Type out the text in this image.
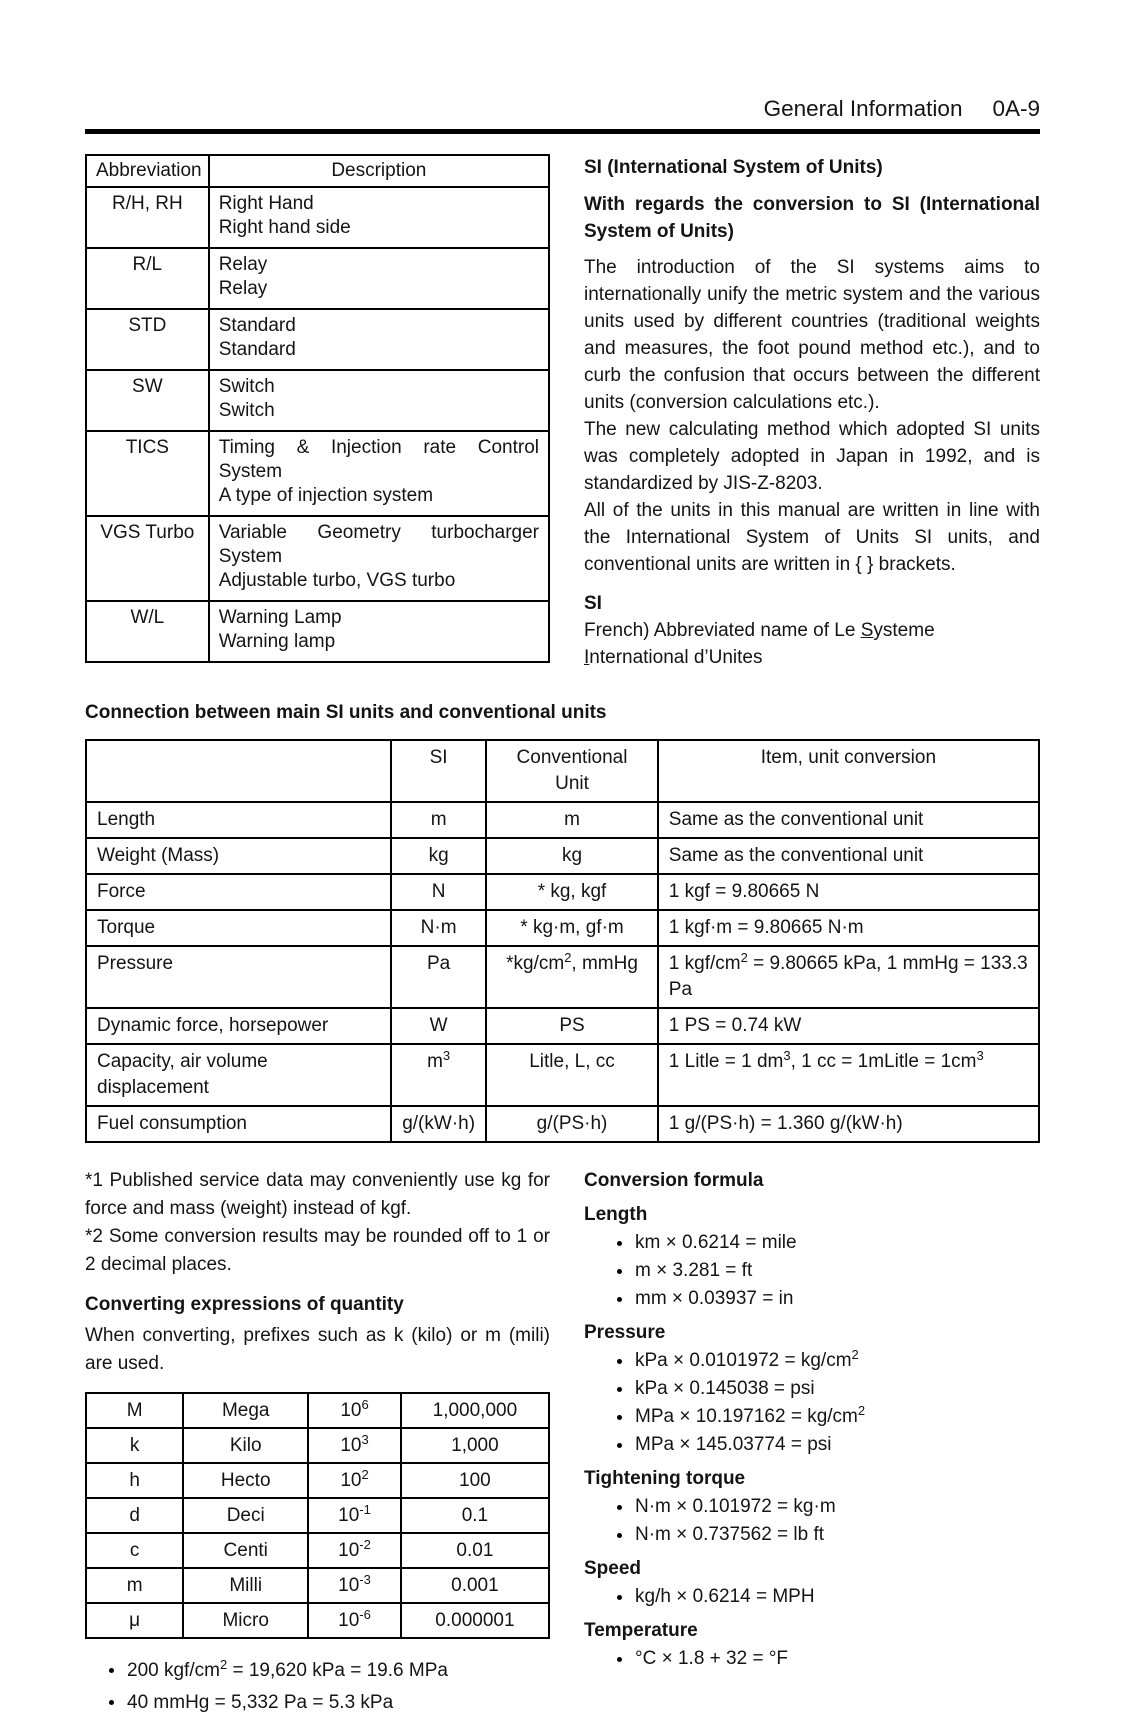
General Information 0A-9
Abbreviation	Description
R/H, RH	Right Hand
Right hand side
R/L	Relay
Relay
STD	Standard
Standard
SW	Switch
Switch
TICS	Timing & Injection rate Control System
A type of injection system
VGS Turbo	Variable Geometry turbocharger System
Adjustable turbo, VGS turbo
W/L	Warning Lamp
Warning lamp
SI (International System of Units)
With regards the conversion to SI (International System of Units)
The introduction of the SI systems aims to internationally unify the metric system and the various units used by different countries (traditional weights and measures, the foot pound method etc.), and to curb the confusion that occurs between the different units (conversion calculations etc.).
The new calculating method which adopted SI units was completely adopted in Japan in 1992, and is standardized by JIS-Z-8203.
All of the units in this manual are written in line with the International System of Units SI units, and conventional units are written in { } brackets.
SI
French) Abbreviated name of Le Systeme International d’Unites
Connection between main SI units and conventional units
	SI	Conventional Unit	Item, unit conversion
Length	m	m	Same as the conventional unit
Weight (Mass)	kg	kg	Same as the conventional unit
Force	N	* kg, kgf	1 kgf = 9.80665 N
Torque	N·m	* kg·m, gf·m	1 kgf·m = 9.80665 N·m
Pressure	Pa	$*kg/cm^2$, mmHg	1 kgf/$cm^2 = 9.80665$ kPa, 1 mmHg = 133.3 Pa
Dynamic force, horsepower	W	PS	1 PS = 0.74 kW
Capacity, air volume displacement	$m^3$	Litle, L, cc	1 Litle = 1 $dm^3$, 1 cc = 1mLitle = $1cm^3$
Fuel consumption	g/(kW·h)	g/(PS·h)	1 g/(PS·h) = 1.360 g/(kW·h)
*1 Published service data may conveniently use kg for force and mass (weight) instead of kgf.
*2 Some conversion results may be rounded off to 1 or 2 decimal places.
Converting expressions of quantity
When converting, prefixes such as k (kilo) or m (mili) are used.
M	Mega	$10^6$	1,000,000
k	Kilo	$10^3$	1,000
h	Hecto	$10^2$	100
d	Deci	$10^{-1}$	0.1
c	Centi	$10^{-2}$	0.01
m	Milli	$10^{-3}$	0.001
μ	Micro	$10^{-6}$	0.000001
200 kgf/$cm^2 = 19,620$ kPa = 19.6 MPa
40 mmHg = 5,332 Pa = 5.3 kPa
Conversion formula
Length
km × 0.6214 = mile
m × 3.281 = ft
mm × 0.03937 = in
Pressure
kPa × $0.0101972 = kg/cm^2$
kPa × 0.145038 = psi
MPa × $10.197162 = kg/cm^2$
MPa × 145.03774 = psi
Tightening torque
N·m × 0.101972 = kg·m
N·m × 0.737562 = lb ft
Speed
kg/h × 0.6214 = MPH
Temperature
°C × 1.8 + 32 = °F
